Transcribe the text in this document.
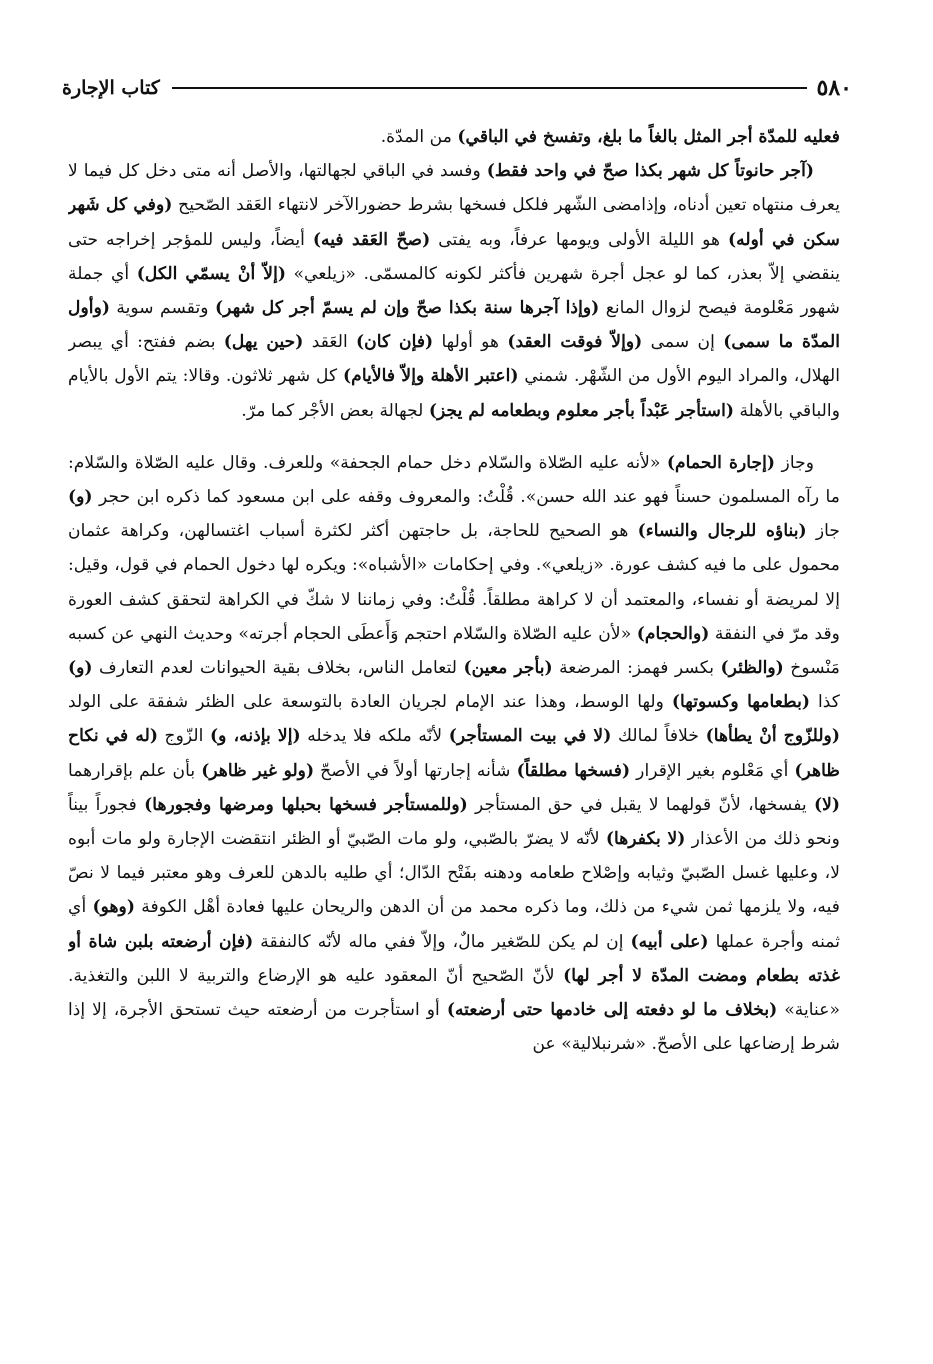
٥٨٠
كتاب الإجارة

فعليه للمدّة أجر المثل بالغاً ما بلغ، وتفسخ في الباقي) من المدّة.

(آجر حانوتاً كل شهر بكذا صحّ في واحد فقط) وفسد في الباقي لجهالتها، والأصل أنه متى دخل كل فيما لا يعرف منتهاه تعين أدناه، وإذامضى الشّهر فلكل فسخها بشرط حضورالآخر لانتهاء العَقد الصّحيح (وفي كل شَهر سكن في أوله) هو الليلة الأولى ويومها عرفاً، وبه يفتى (صحّ العَقد فيه) أيضاً، وليس للمؤجر إخراجه حتى ينقضي إلاّ بعذر، كما لو عجل أجرة شهرين فأكثر لكونه كالمسمّى. «زيلعي» (إلاّ أنْ يسمّي الكل) أي جملة شهور مَعْلومة فيصح لزوال المانع (وإذا آجرها سنة بكذا صحّ وإن لم يسمّ أجر كل شهر) وتقسم سوية (وأول المدّة ما سمى) إن سمى (وإلاّ فوقت العقد) هو أولها (فإن كان) العَقد (حين يهل) بضم ففتح: أي يبصر الهلال، والمراد اليوم الأول من الشّهْر. شمني (اعتبر الأهلة وإلاّ فالأيام) كل شهر ثلاثون. وقالا: يتم الأول بالأيام والباقي بالأهلة (استأجر عَبْداً بأجر معلوم وبطعامه لم يجز) لجهالة بعض الأجْر كما مرّ.

وجاز (إجارة الحمام) «لأنه عليه الصّلاة والسّلام دخل حمام الجحفة» وللعرف. وقال عليه الصّلاة والسّلام: ما رآه المسلمون حسناً فهو عند الله حسن». قُلْتُ: والمعروف وقفه على ابن مسعود كما ذكره ابن حجر (و) جاز (بناؤه للرجال والنساء) هو الصحيح للحاجة، بل حاجتهن أكثر لكثرة أسباب اغتسالهن، وكراهة عثمان محمول على ما فيه كشف عورة. «زيلعي». وفي إحكامات «الأشباه»: ويكره لها دخول الحمام في قول، وقيل: إلا لمريضة أو نفساء، والمعتمد أن لا كراهة مطلقاً. قُلْتُ: وفي زماننا لا شكّ في الكراهة لتحقق كشف العورة وقد مرّ في النفقة (والحجام) «لأن عليه الصّلاة والسّلام احتجم وَأَعطَى الحجام أجرته» وحديث النهي عن كسبه مَنْسوخ (والظئر) بكسر فهمز: المرضعة (بأجر معين) لتعامل الناس، بخلاف بقية الحيوانات لعدم التعارف (و) كذا (بطعامها وكسوتها) ولها الوسط، وهذا عند الإمام لجريان العادة بالتوسعة على الظئر شفقة على الولد (وللزّوج أنْ يطأها) خلافاً لمالك (لا في بيت المستأجر) لأنّه ملكه فلا يدخله (إلا بإذنه، و) الزّوج (له في نكاح ظاهر) أي مَعْلوم بغير الإقرار (فسخها مطلقاً) شأنه إجارتها أولاً في الأصحّ (ولو غير ظاهر) بأن علم بإقرارهما (لا) يفسخها، لأنّ قولهما لا يقبل في حق المستأجر (وللمستأجر فسخها بحبلها ومرضها وفجورها) فجوراً بيناً ونحو ذلك من الأعذار (لا بكفرها) لأنّه لا يضرّ بالصّبي، ولو مات الصّبيّ أو الظئر انتقضت الإجارة ولو مات أبوه لا، وعليها غسل الصّبيّ وثيابه وإصْلاح طعامه ودهنه بفَتْح الدّال؛ أي طليه بالدهن للعرف وهو معتبر فيما لا نصّ فيه، ولا يلزمها ثمن شيء من ذلك، وما ذكره محمد من أن الدهن والريحان عليها فعادة أهْل الكوفة (وهو) أي ثمنه وأجرة عملها (على أبيه) إن لم يكن للصّغير مالٌ، وإلاّ ففي ماله لأنّه كالنفقة (فإن أرضعته بلبن شاة أو غذته بطعام ومضت المدّة لا أجر لها) لأنّ الصّحيح أنّ المعقود عليه هو الإرضاع والتربية لا اللبن والتغذية. «عناية» (بخلاف ما لو دفعته إلى خادمها حتى أرضعته) أو استأجرت من أرضعته حيث تستحق الأجرة، إلا إذا شرط إرضاعها على الأصحّ. «شرنبلالية» عن
